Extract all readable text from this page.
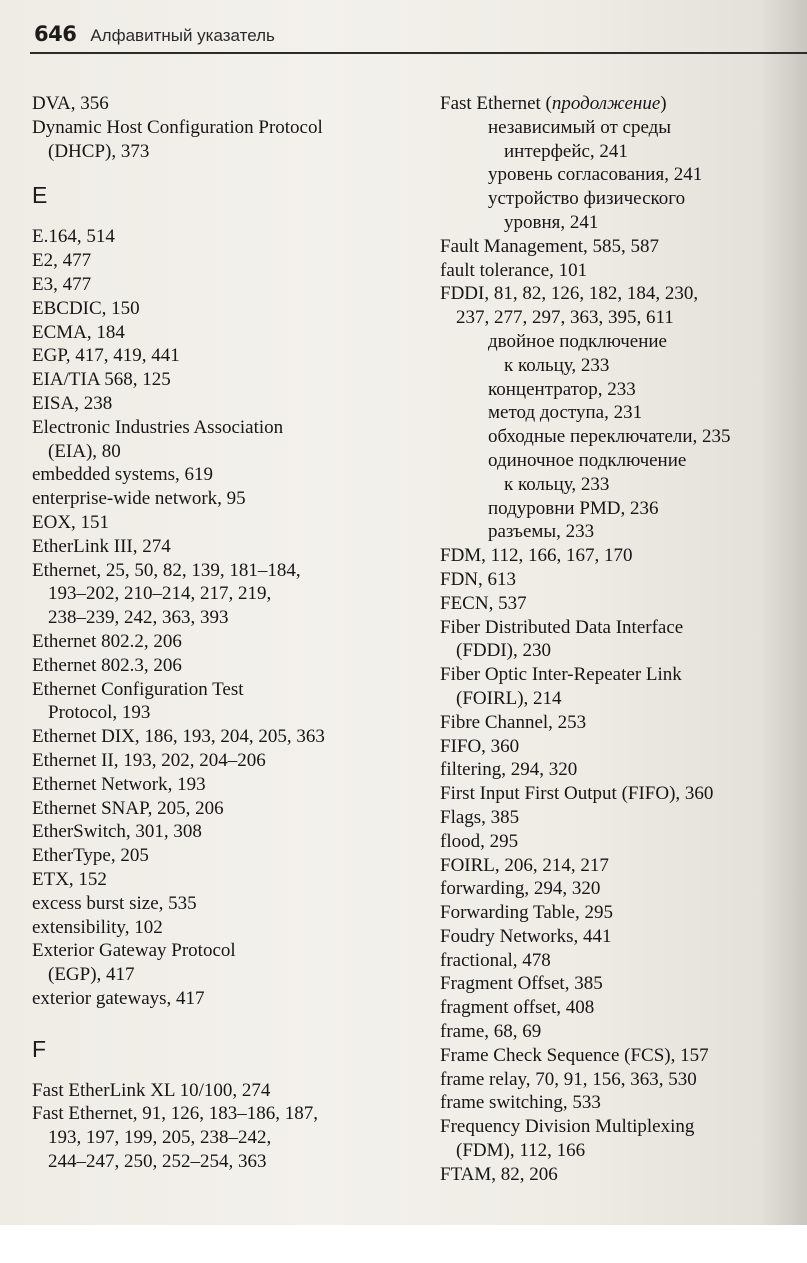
646 Алфавитный указатель
DVA, 356
Dynamic Host Configuration Protocol
(DHCP), 373
E
E.164, 514
E2, 477
E3, 477
EBCDIC, 150
ECMA, 184
EGP, 417, 419, 441
EIA/TIA 568, 125
EISA, 238
Electronic Industries Association
(EIA), 80
embedded systems, 619
enterprise-wide network, 95
EOX, 151
EtherLink III, 274
Ethernet, 25, 50, 82, 139, 181–184,
193–202, 210–214, 217, 219,
238–239, 242, 363, 393
Ethernet 802.2, 206
Ethernet 802.3, 206
Ethernet Configuration Test
Protocol, 193
Ethernet DIX, 186, 193, 204, 205, 363
Ethernet II, 193, 202, 204–206
Ethernet Network, 193
Ethernet SNAP, 205, 206
EtherSwitch, 301, 308
EtherType, 205
ETX, 152
excess burst size, 535
extensibility, 102
Exterior Gateway Protocol
(EGP), 417
exterior gateways, 417
F
Fast EtherLink XL 10/100, 274
Fast Ethernet, 91, 126, 183–186, 187,
193, 197, 199, 205, 238–242,
244–247, 250, 252–254, 363
Fast Ethernet (продолжение)
независимый от среды
интерфейс, 241
уровень согласования, 241
устройство физического
уровня, 241
Fault Management, 585, 587
fault tolerance, 101
FDDI, 81, 82, 126, 182, 184, 230,
237, 277, 297, 363, 395, 611
двойное подключение
к кольцу, 233
концентратор, 233
метод доступа, 231
обходные переключатели, 235
одиночное подключение
к кольцу, 233
подуровни PMD, 236
разъемы, 233
FDM, 112, 166, 167, 170
FDN, 613
FECN, 537
Fiber Distributed Data Interface
(FDDI), 230
Fiber Optic Inter-Repeater Link
(FOIRL), 214
Fibre Channel, 253
FIFO, 360
filtering, 294, 320
First Input First Output (FIFO), 360
Flags, 385
flood, 295
FOIRL, 206, 214, 217
forwarding, 294, 320
Forwarding Table, 295
Foudry Networks, 441
fractional, 478
Fragment Offset, 385
fragment offset, 408
frame, 68, 69
Frame Check Sequence (FCS), 157
frame relay, 70, 91, 156, 363, 530
frame switching, 533
Frequency Division Multiplexing
(FDM), 112, 166
FTAM, 82, 206
